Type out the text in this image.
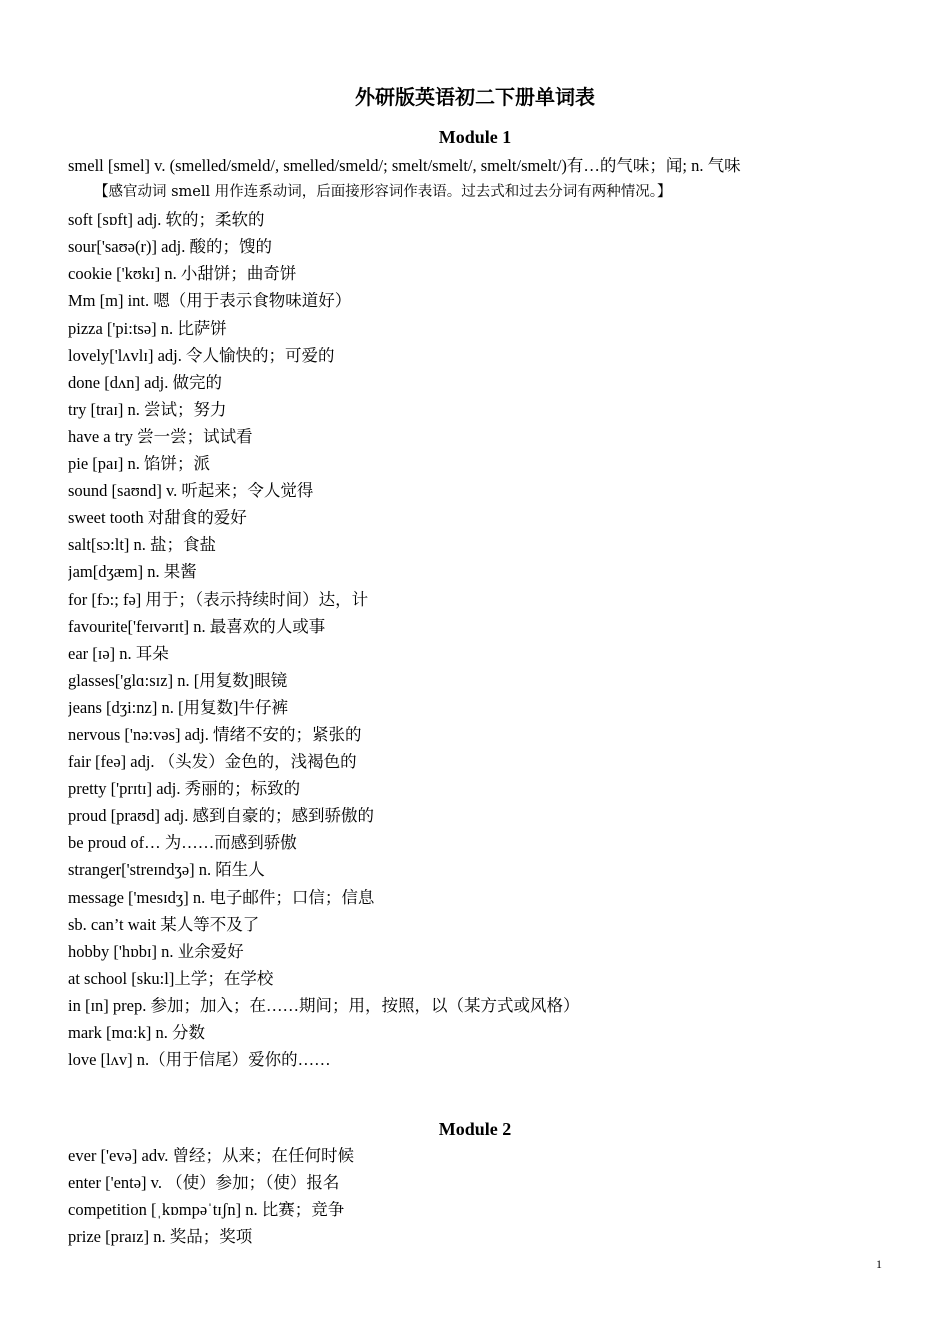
外研版英语初二下册单词表
Module 1
smell [smel] v. (smelled/smeld/, smelled/smeld/; smelt/smelt/, smelt/smelt/)有…的气味；闻; n. 气味
【感官动词 smell 用作连系动词，后面接形容词作表语。过去式和过去分词有两种情况。】
soft [sɒft] adj. 软的；柔软的
sour['saʊə(r)] adj. 酸的；馊的
cookie ['kʊkɪ] n. 小甜饼；曲奇饼
Mm [m] int. 嗯（用于表示食物味道好）
pizza ['pi:tsə] n. 比萨饼
lovely['lʌvlɪ] adj. 令人愉快的；可爱的
done [dʌn] adj. 做完的
try [traɪ] n. 尝试；努力
have a try 尝一尝；试试看
pie [paɪ] n. 馅饼；派
sound [saʊnd] v. 听起来；令人觉得
sweet tooth 对甜食的爱好
salt[sɔ:lt] n. 盐；食盐
jam[dʒæm] n. 果酱
for [fɔ:; fə] 用于；（表示持续时间）达，计
favourite['feɪvərɪt] n. 最喜欢的人或事
ear [ɪə] n. 耳朵
glasses['glɑ:sɪz] n. [用复数]眼镜
jeans [dʒi:nz] n. [用复数]牛仔裤
nervous ['nə:vəs] adj. 情绪不安的；紧张的
fair [feə] adj. （头发）金色的，浅褐色的
pretty ['prɪtɪ] adj. 秀丽的；标致的
proud [praʊd] adj. 感到自豪的；感到骄傲的
be proud of… 为……而感到骄傲
stranger['streɪndʒə] n. 陌生人
message ['mesɪdʒ] n. 电子邮件；口信；信息
sb. can’t wait 某人等不及了
hobby ['hɒbɪ] n. 业余爱好
at school [sku:l]上学；在学校
in [ɪn] prep. 参加；加入；在……期间；用，按照，以（某方式或风格）
mark [mɑ:k] n. 分数
love [lʌv] n.（用于信尾）爱你的……
Module 2
ever ['evə] adv. 曾经；从来；在任何时候
enter ['entə] v. （使）参加；（使）报名
competition [ˌkɒmpəˈtɪʃn] n. 比赛；竞争
prize [praɪz] n. 奖品；奖项
1
